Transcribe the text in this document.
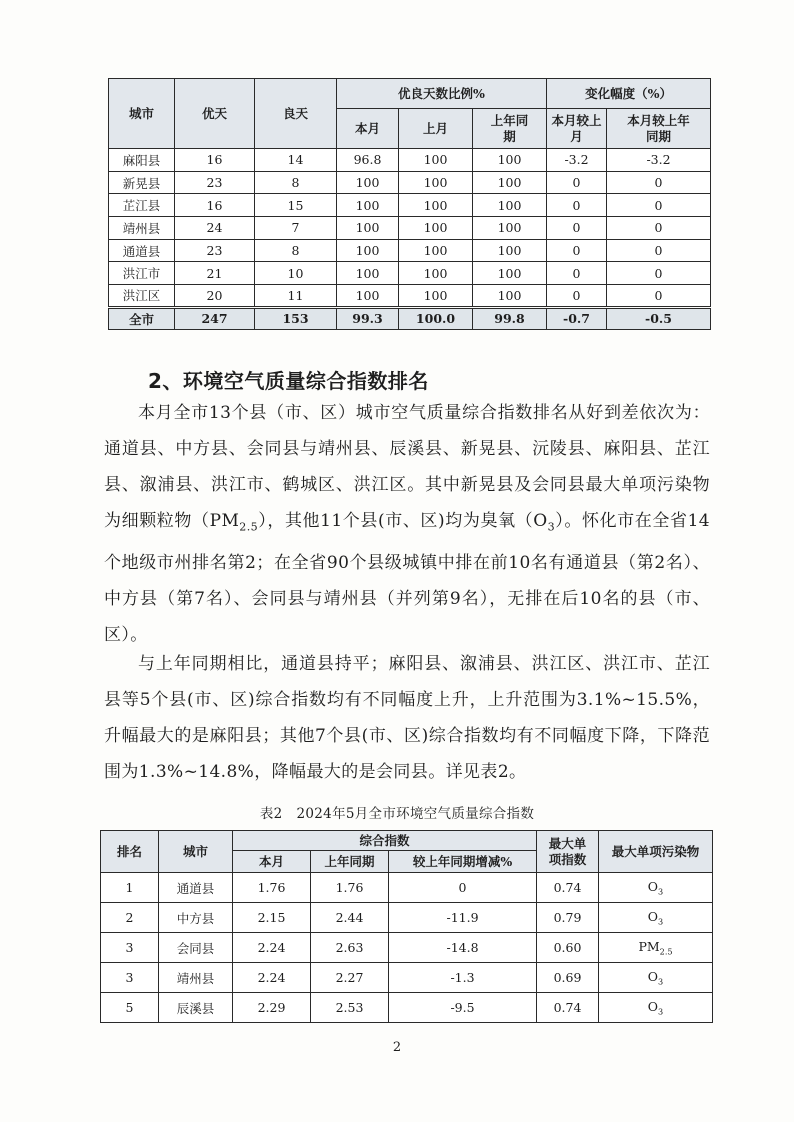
城市	优天	良天	优良天数比例%			变化幅度（%）	
			本月	上月	上年同期	本月较上月	本月较上年同期
麻阳县	16	14	96.8	100	100	-3.2	-3.2
新晃县	23	8	100	100	100	0	0
芷江县	16	15	100	100	100	0	0
靖州县	24	7	100	100	100	0	0
通道县	23	8	100	100	100	0	0
洪江市	21	10	100	100	100	0	0
洪江区	20	11	100	100	100	0	0
全市	247	153	99.3	100.0	99.8	-0.7	-0.5
2、环境空气质量综合指数排名

本月全市13个县（市、区）城市空气质量综合指数排名从好到差依次为：通道县、中方县、会同县与靖州县、辰溪县、新晃县、沅陵县、麻阳县、芷江县、溆浦县、洪江市、鹤城区、洪江区。其中新晃县及会同县最大单项污染物为细颗粒物$(PM_{2.5})$，其他11个县(市、区)均为臭氧$(O_3)$。怀化市在全省14个地级市州排名第2；在全省90个县级城镇中排在前10名有通道县（第2名）、中方县（第7名）、会同县与靖州县（并列第9名），无排在后10名的县（市、区）。

与上年同期相比，通道县持平；麻阳县、溆浦县、洪江区、洪江市、芷江县等5个县(市、区)综合指数均有不同幅度上升，上升范围为3.1%~15.5%，升幅最大的是麻阳县；其他7个县(市、区)综合指数均有不同幅度下降，下降范围为1.3%~14.8%，降幅最大的是会同县。详见表2。

表2 2024年5月全市环境空气质量综合指数
排名	城市	综合指数			最大单项指数	最大单项污染物
		本月	上年同期	较上年同期增减%		
1	通道县	1.76	1.76	0	0.74	$O_3$
2	中方县	2.15	2.44	-11.9	0.79	$O_3$
3	会同县	2.24	2.63	-14.8	0.60	$PM_{2.5}$
3	靖州县	2.24	2.27	-1.3	0.69	$O_3$
5	辰溪县	2.29	2.53	-9.5	0.74	$O_3$
2
